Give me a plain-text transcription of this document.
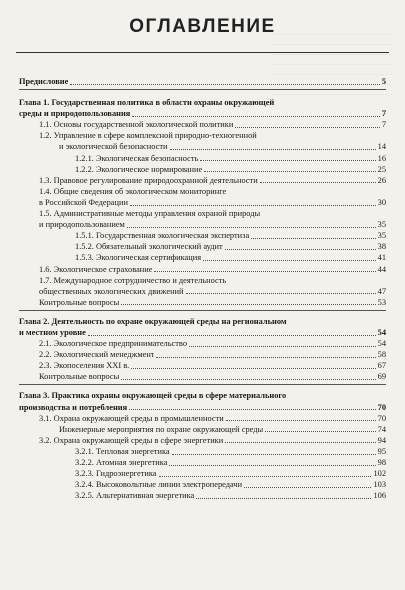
ОГЛАВЛЕНИЕ
Предисловие	5
Глава 1. Государственная политика в области охраны окружающей
среды и природопользования	7
1.1. Основы государственной экологической политики	7
1.2. Управление в сфере комплексной природно-техногенной
и экологической безопасности	14
1.2.1. Экологическая безопасность	16
1.2.2. Экологическое нормирование	25
1.3. Правовое регулирование природоохранной деятельности	26
1.4. Общие сведения об экологическом мониторинге
в Российской Федерации	30
1.5. Административные методы управления охраной природы
и природопользованием	35
1.5.1. Государственная экологическая экспертиза	35
1.5.2. Обязательный экологический аудит	38
1.5.3. Экологическая сертификация	41
1.6. Экологическое страхование	44
1.7. Международное сотрудничество и деятельность
общественных экологических движений	47
Контрольные вопросы	53
Глава 2. Деятельность по охране окружающей среды на региональном
и местном уровне	54
2.1. Экологическое предпринимательство	54
2.2. Экологический менеджмент	58
2.3. Экопоселения XXI в.	67
Контрольные вопросы	69
Глава 3. Практика охраны окружающей среды в сфере материального
производства и потребления	70
3.1. Охрана окружающей среды в промышленности	70
Инженерные мероприятия по охране окружающей среды	74
3.2. Охрана окружающей среды в сфере энергетики	94
3.2.1. Тепловая энергетика	95
3.2.2. Атомная энергетика	98
3.2.3. Гидроэнергетика	102
3.2.4. Высоковольтные линии электропередачи	103
3.2.5. Альтернативная энергетика	106
